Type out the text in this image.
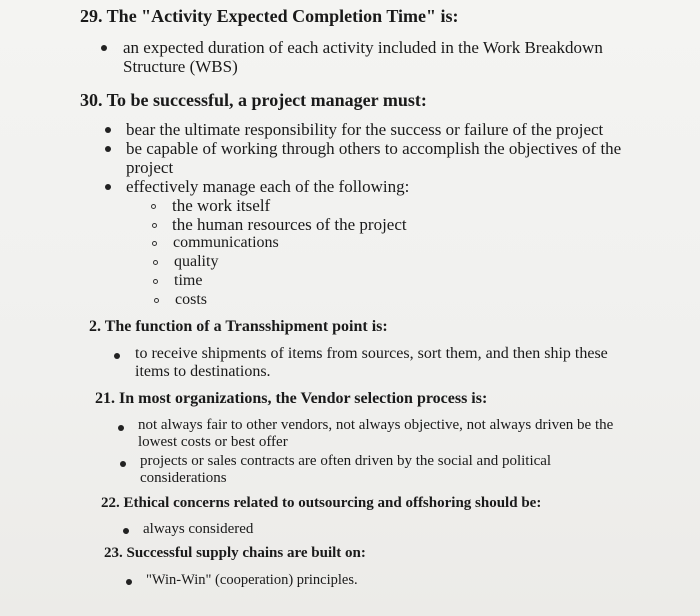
29. The "Activity Expected Completion Time" is:
an expected duration of each activity included in the Work Breakdown Structure (WBS)
30. To be successful, a project manager must:
bear the ultimate responsibility for the success or failure of the project
be capable of working through others to accomplish the objectives of the project
effectively manage each of the following:
the work itself
the human resources of the project
communications
quality
time
costs
2. The function of a Transshipment point is:
to receive shipments of items from sources, sort them, and then ship these items to destinations.
21. In most organizations, the Vendor selection process is:
not always fair to other vendors, not always objective, not always driven be the lowest costs or best offer
projects or sales contracts are often driven by the social and political considerations
22. Ethical concerns related to outsourcing and offshoring should be:
always considered
23. Successful supply chains are built on:
"Win-Win" (cooperation) principles.
